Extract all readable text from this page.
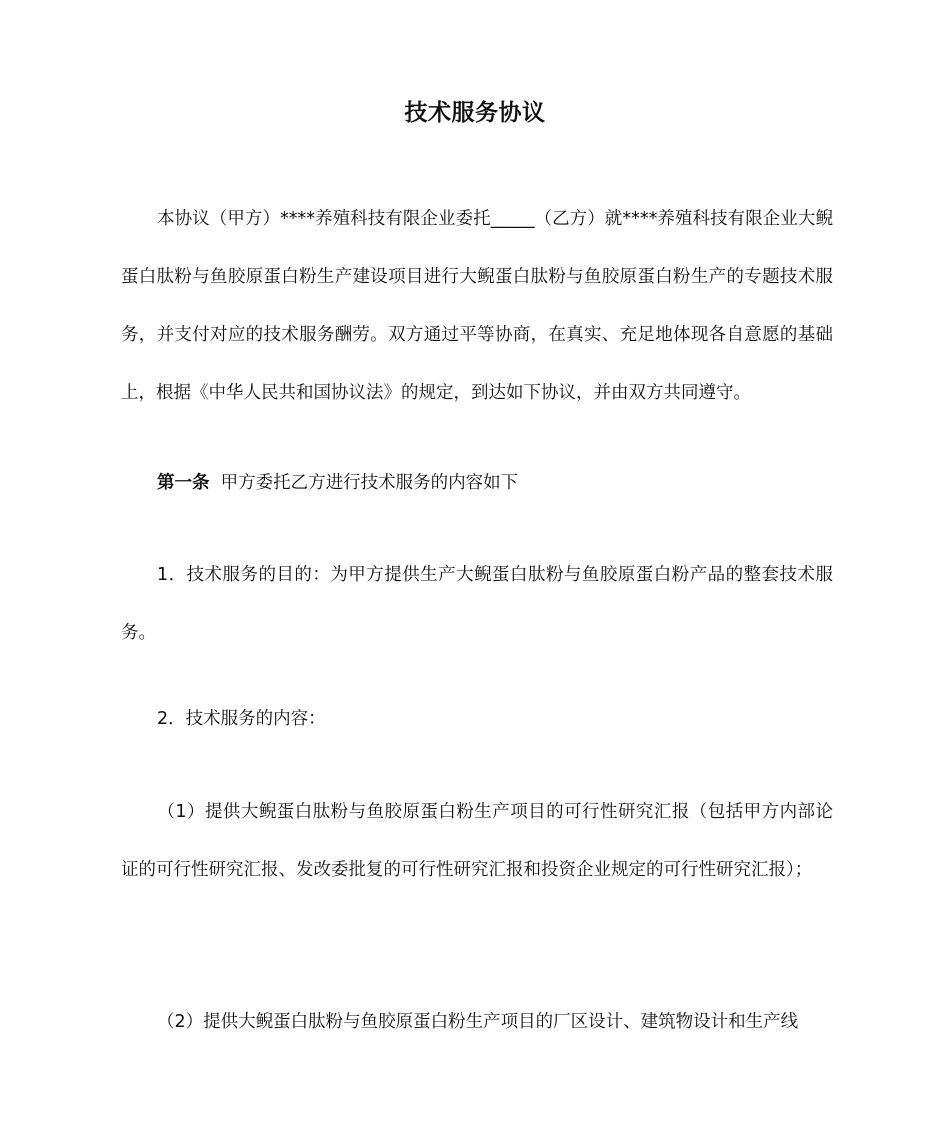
技术服务协议

本协议（甲方）****养殖科技有限企业委托_____（乙方）就****养殖科技有限企业大鲵蛋白肽粉与鱼胶原蛋白粉生产建设项目进行大鲵蛋白肽粉与鱼胶原蛋白粉生产的专题技术服务，并支付对应的技术服务酬劳。双方通过平等协商，在真实、充足地体现各自意愿的基础上，根据《中华人民共和国协议法》的规定，到达如下协议，并由双方共同遵守。

第一条 甲方委托乙方进行技术服务的内容如下

1．技术服务的目的：为甲方提供生产大鲵蛋白肽粉与鱼胶原蛋白粉产品的整套技术服务。

2．技术服务的内容：

（1）提供大鲵蛋白肽粉与鱼胶原蛋白粉生产项目的可行性研究汇报（包括甲方内部论证的可行性研究汇报、发改委批复的可行性研究汇报和投资企业规定的可行性研究汇报）；

（2）提供大鲵蛋白肽粉与鱼胶原蛋白粉生产项目的厂区设计、建筑物设计和生产线
